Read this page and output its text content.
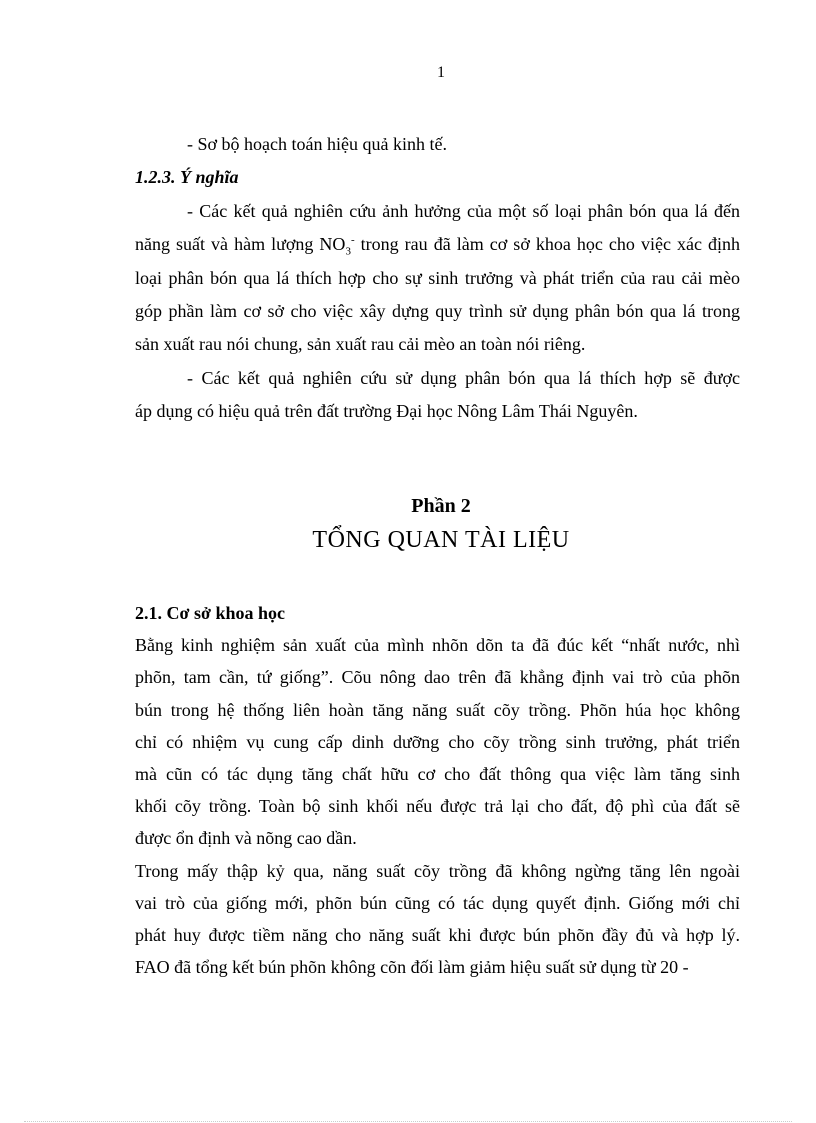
1
- Sơ bộ hoạch toán hiệu quả kinh tế.
1.2.3. Ý nghĩa
- Các kết quả nghiên cứu ảnh hưởng của một số loại phân bón qua lá đến
năng suất và hàm lượng $NO_3^-$ trong rau đã làm cơ sở khoa học cho việc xác định
loại phân bón qua lá thích hợp cho sự sinh trưởng và phát triển của rau cải mèo
góp phần làm cơ sở cho việc xây dựng quy trình sử dụng phân bón qua lá trong
sản xuất rau nói chung, sản xuất rau cải mèo an toàn nói riêng.
- Các kết quả nghiên cứu sử dụng phân bón qua lá thích hợp sẽ được
áp dụng có hiệu quả trên đất trường Đại học Nông Lâm Thái Nguyên.
Phần 2
TỔNG QUAN TÀI LIỆU
2.1. Cơ sở khoa học
Bằng kinh nghiệm sản xuất của mình nhõn dõn ta đã đúc kết “nhất nước, nhì
phõn, tam cần, tứ giống”. Cõu nông dao trên đã khẳng định vai trò của phõn
bún trong hệ thống liên hoàn tăng năng suất cõy trồng. Phõn húa học không
chỉ có nhiệm vụ cung cấp dinh dưỡng cho cõy trồng sinh trưởng, phát triển
mà cũn có tác dụng tăng chất hữu cơ cho đất thông qua việc làm tăng sinh
khối cõy trồng. Toàn bộ sinh khối nếu được trả lại cho đất, độ phì của đất sẽ
được ổn định và nõng cao dần.
Trong mấy thập kỷ qua, năng suất cõy trồng đã không ngừng tăng lên ngoài
vai trò của giống mới, phõn bún cũng có tác dụng quyết định. Giống mới chỉ
phát huy được tiềm năng cho năng suất khi được bún phõn đầy đủ và hợp lý.
FAO đã tổng kết bún phõn không cõn đối làm giảm hiệu suất sử dụng từ 20 -
